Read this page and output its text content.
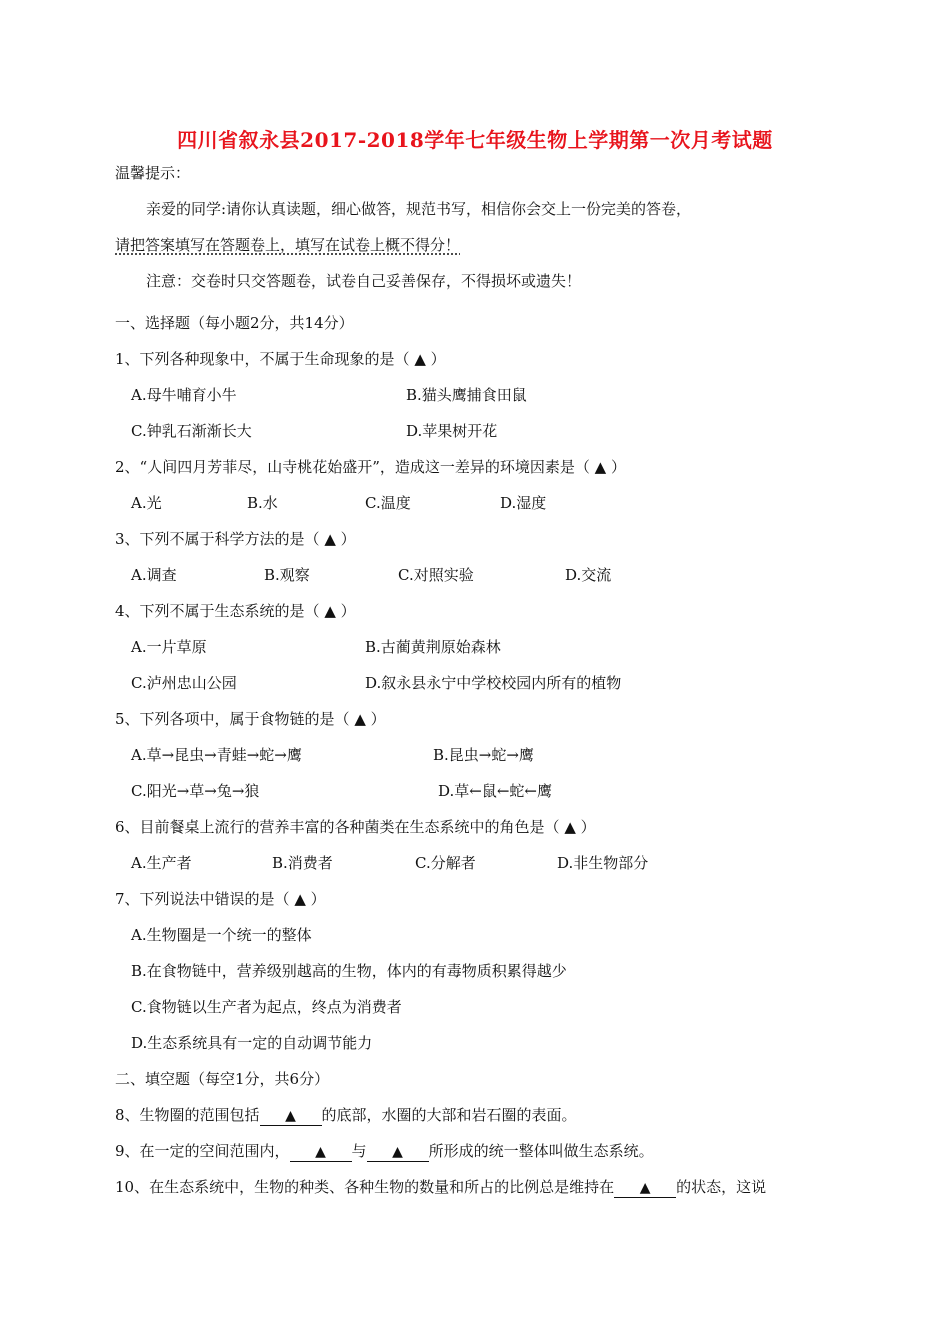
四川省叙永县2017-2018学年七年级生物上学期第一次月考试题
温馨提示：
亲爱的同学:请你认真读题，细心做答，规范书写，相信你会交上一份完美的答卷，
请把答案填写在答题卷上，填写在试卷上概不得分！
注意：交卷时只交答题卷，试卷自己妥善保存，不得损坏或遗失！
一、选择题（每小题2分，共14分）
1、下列各种现象中，不属于生命现象的是（ ▲ ）
A.母牛哺育小牛	B.猫头鹰捕食田鼠
C.钟乳石渐渐长大	D.苹果树开花
2、“人间四月芳菲尽，山寺桃花始盛开”，造成这一差异的环境因素是（ ▲ ）
A.光	B.水	C.温度	D.湿度
3、下列不属于科学方法的是（ ▲ ）
A.调查	B.观察	C.对照实验	D.交流
4、下列不属于生态系统的是（ ▲ ）
A.一片草原	B.古蔺黄荆原始森林
C.泸州忠山公园	D.叙永县永宁中学校校园内所有的植物
5、下列各项中，属于食物链的是（ ▲ ）
A.草→昆虫→青蛙→蛇→鹰	B.昆虫→蛇→鹰
C.阳光→草→兔→狼	D.草←鼠←蛇←鹰
6、目前餐桌上流行的营养丰富的各种菌类在生态系统中的角色是（ ▲ ）
A.生产者	B.消费者	C.分解者	D.非生物部分
7、下列说法中错误的是（ ▲ ）
A.生物圈是一个统一的整体
B.在食物链中，营养级别越高的生物，体内的有毒物质积累得越少
C.食物链以生产者为起点，终点为消费者
D.生态系统具有一定的自动调节能力
二、填空题（每空1分，共6分）
8、生物圈的范围包括 ▲ 的底部，水圈的大部和岩石圈的表面。
9、在一定的空间范围内， ▲ 与 ▲ 所形成的统一整体叫做生态系统。
10、在生态系统中，生物的种类、各种生物的数量和所占的比例总是维持在 ▲ 的状态，这说
